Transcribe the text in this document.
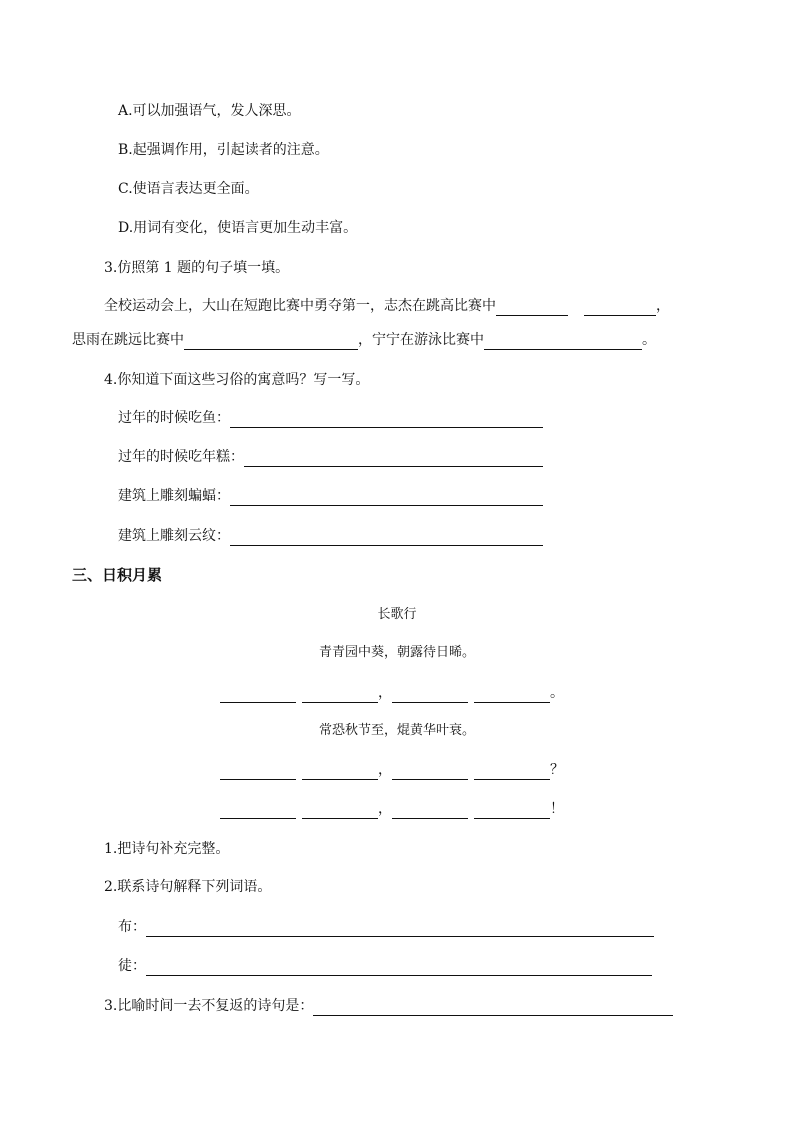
A.可以加强语气，发人深思。
B.起强调作用，引起读者的注意。
C.使语言表达更全面。
D.用词有变化，使语言更加生动丰富。
3.仿照第 1 题的句子填一填。
全校运动会上，大山在短跑比赛中勇夺第一，志杰在跳高比赛中	，
思雨在跳远比赛中	，宁宁在游泳比赛中	。
4.你知道下面这些习俗的寓意吗？写一写。
过年的时候吃鱼：
过年的时候吃年糕：
建筑上雕刻蝙蝠：
建筑上雕刻云纹：
三、日积月累
长歌行
青青园中葵，朝露待日晞。
，	。
常恐秋节至，焜黄华叶衰。
，	？
，	！
1.把诗句补充完整。
2.联系诗句解释下列词语。
布：
徒：
3.比喻时间一去不复返的诗句是：
